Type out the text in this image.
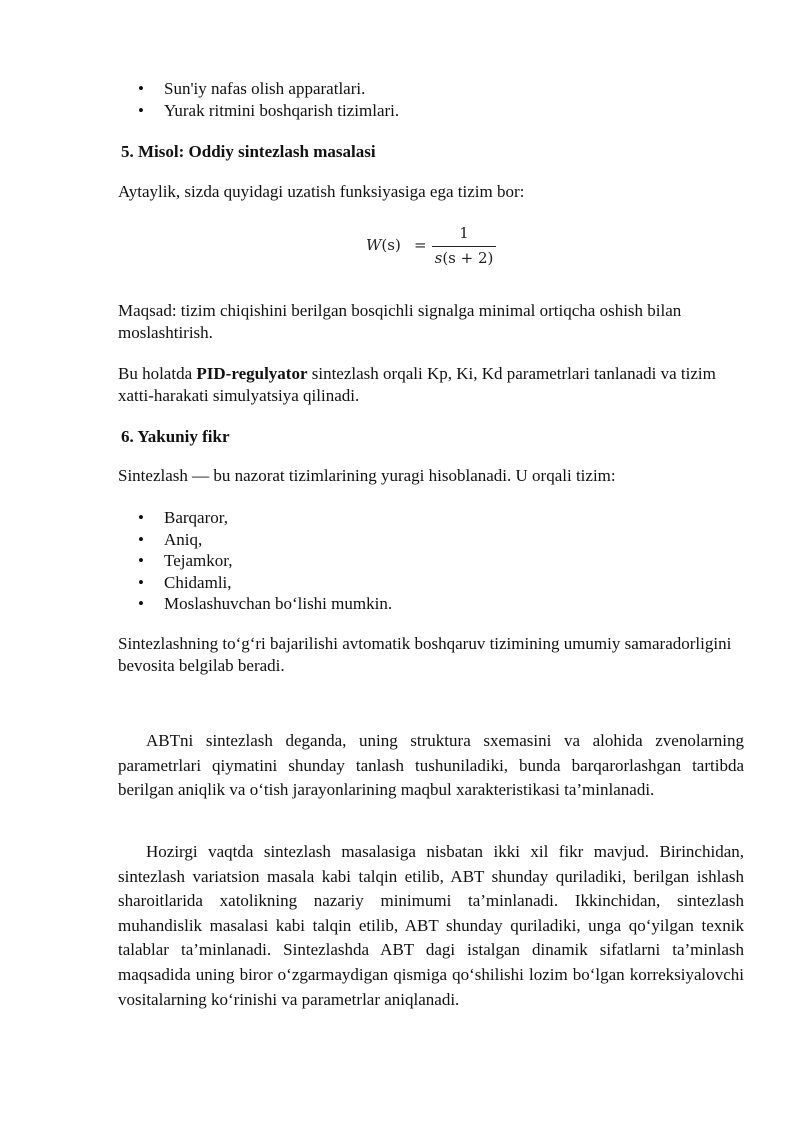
• Sun'iy nafas olish apparatlari.
• Yurak ritmini boshqarish tizimlari.

5. Misol: Oddiy sintezlash masalasi

Aytaylik, sizda quyidagi uzatish funksiyasiga ega tizim bor:

W(s) =
1
s(s + 2)

Maqsad: tizim chiqishini berilgan bosqichli signalga minimal ortiqcha oshish bilan moslashtirish.

Bu holatda PID-regulyator sintezlash orqali Kp, Ki, Kd parametrlari tanlanadi va tizim xatti-harakati simulyatsiya qilinadi.

6. Yakuniy fikr

Sintezlash — bu nazorat tizimlarining yuragi hisoblanadi. U orqali tizim:

• Barqaror,
• Aniq,
• Tejamkor,
• Chidamli,
• Moslashuvchan bo‘lishi mumkin.

Sintezlashning to‘g‘ri bajarilishi avtomatik boshqaruv tizimining umumiy samaradorligini bevosita belgilab beradi.

ABTni sintezlash deganda, uning struktura sxemasini va alohida zvenolarning parametrlari qiymatini shunday tanlash tushuniladiki, bunda barqarorlashgan tartibda berilgan aniqlik va o‘tish jarayonlarining maqbul xarakteristikasi ta’minlanadi.

Hozirgi vaqtda sintezlash masalasiga nisbatan ikki xil fikr mavjud. Birinchidan, sintezlash variatsion masala kabi talqin etilib, ABT shunday quriladiki, berilgan ishlash sharoitlarida xatolikning nazariy minimumi ta’minlanadi. Ikkinchidan, sintezlash muhandislik masalasi kabi talqin etilib, ABT shunday quriladiki, unga qo‘yilgan texnik talablar ta’minlanadi. Sintezlashda ABT dagi istalgan dinamik sifatlarni ta’minlash maqsadida uning biror o‘zgarmaydigan qismiga qo‘shilishi lozim bo‘lgan korreksiyalovchi vositalarning ko‘rinishi va parametrlar aniqlanadi.
